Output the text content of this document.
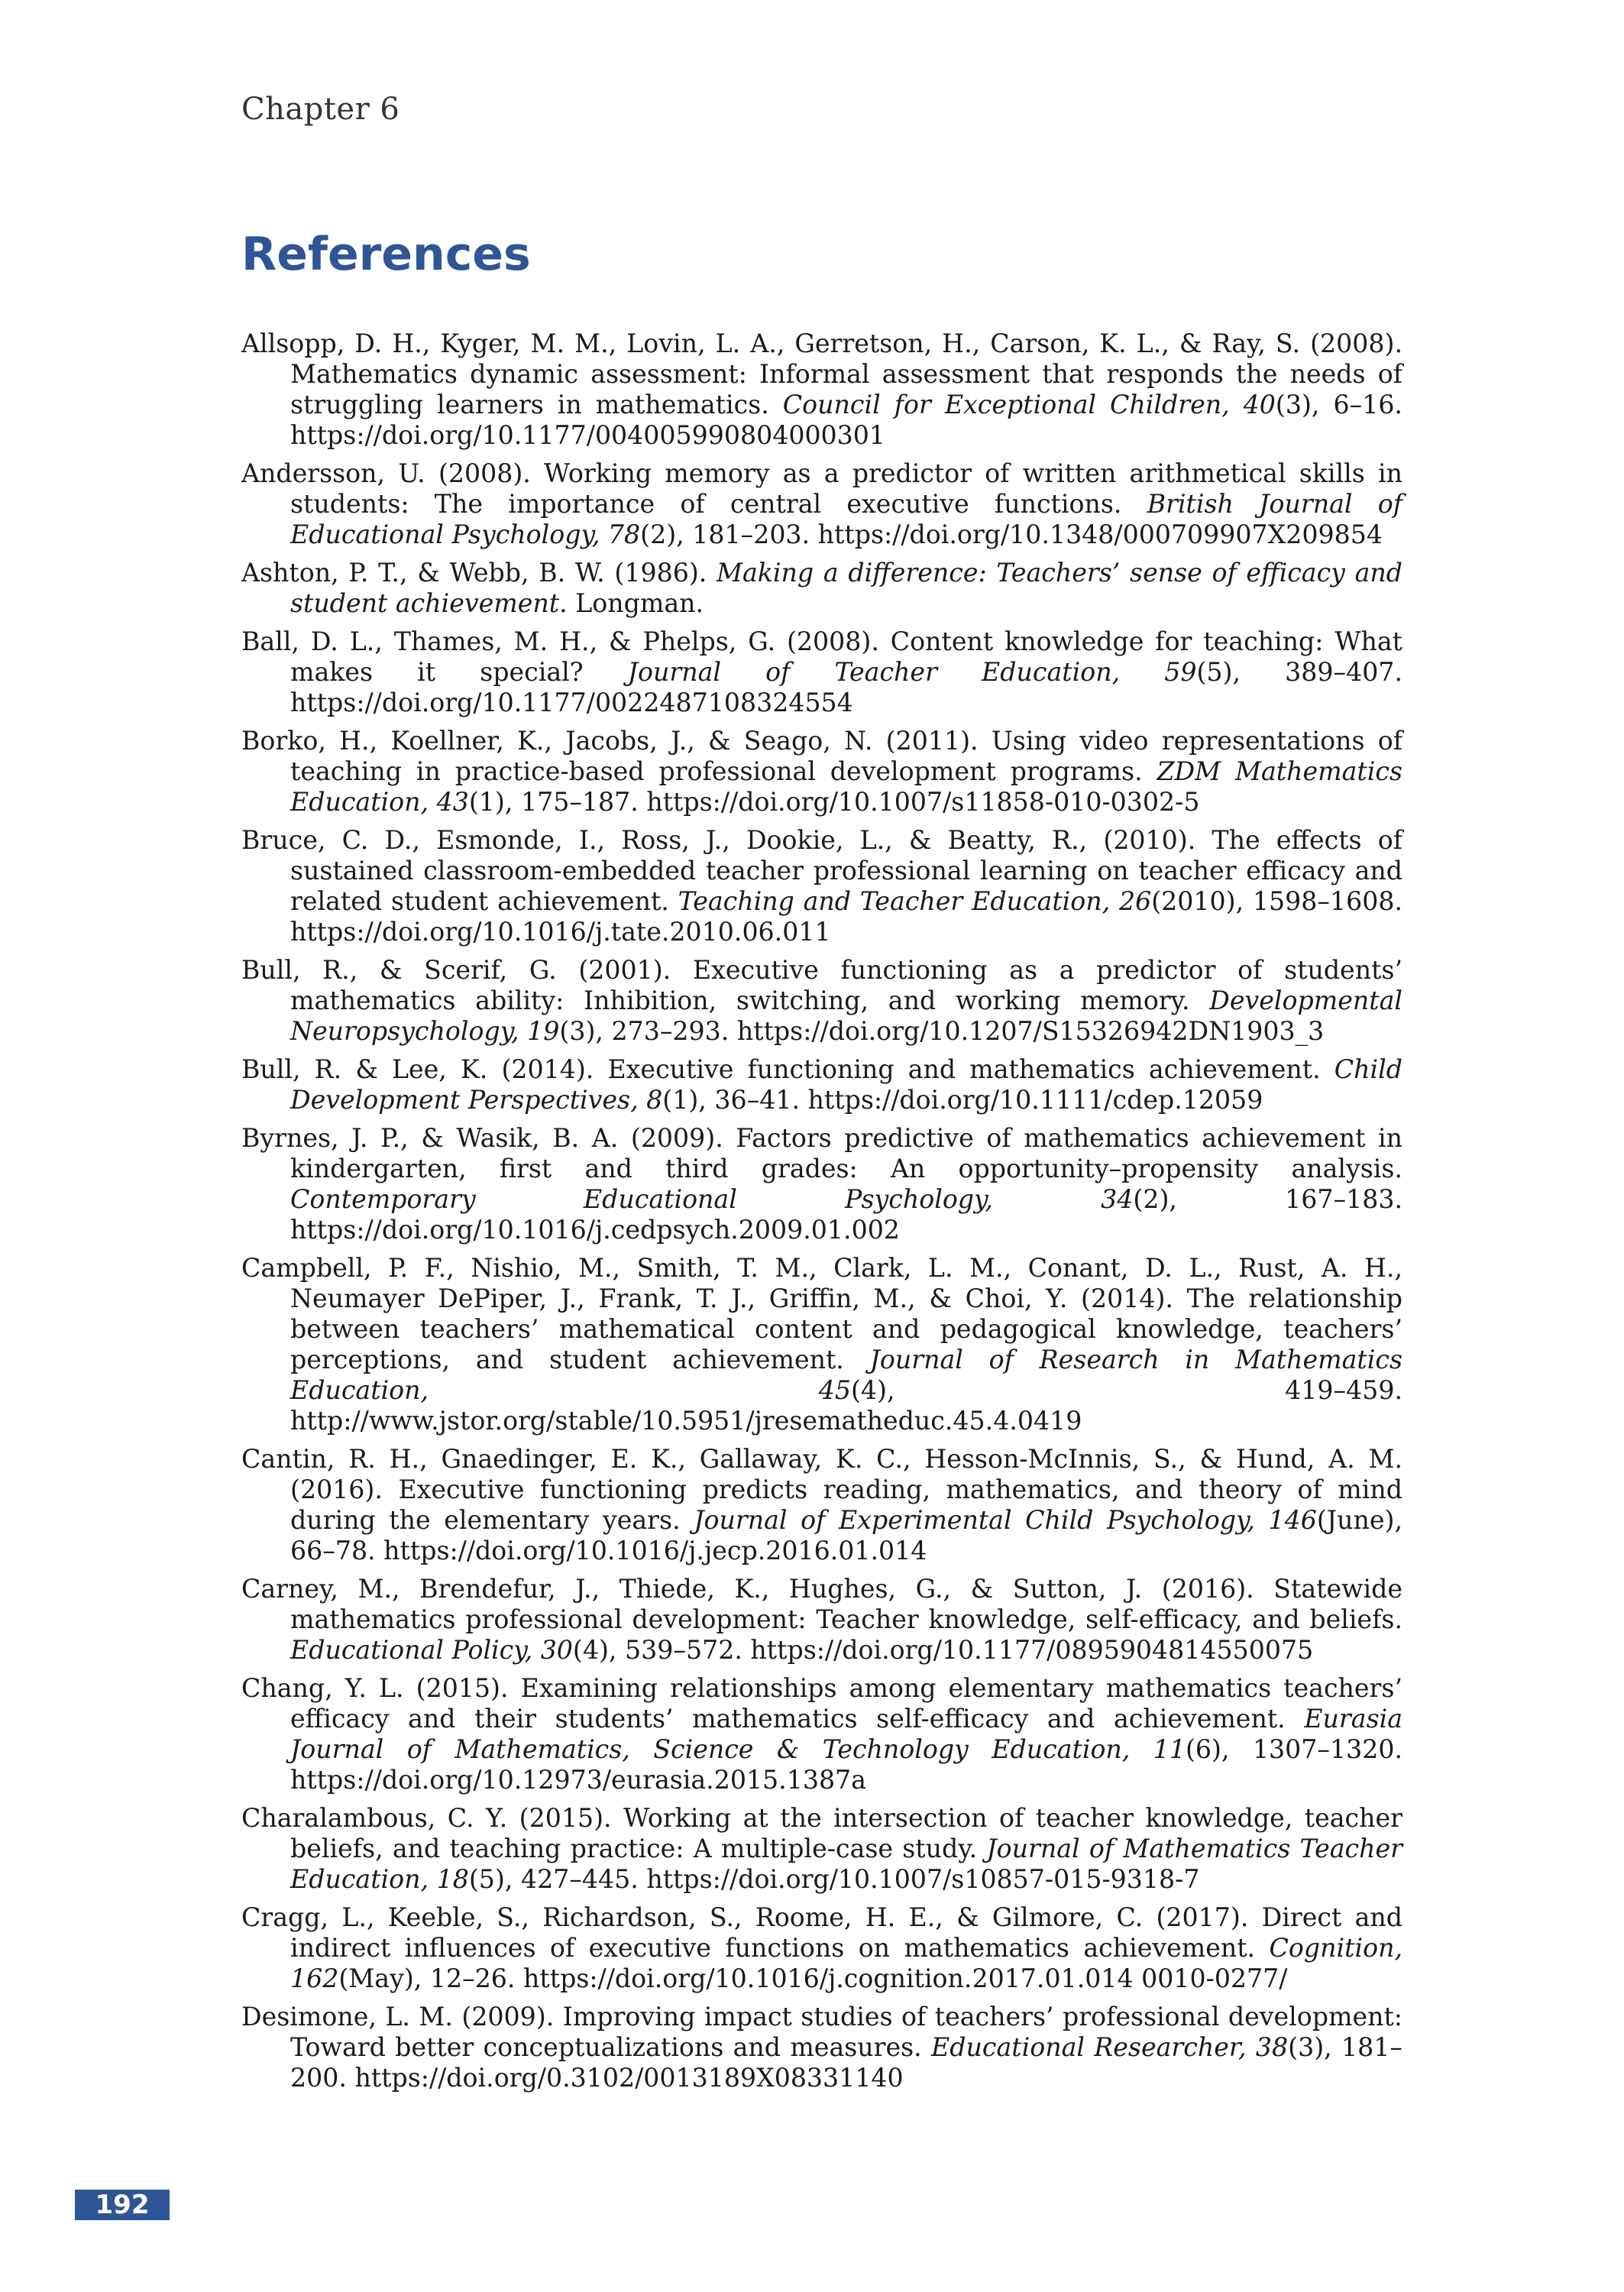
Chapter 6
References

Allsopp, D. H., Kyger, M. M., Lovin, L. A., Gerretson, H., Carson, K. L., & Ray, S. (2008). Mathematics dynamic assessment: Informal assessment that responds the needs of struggling learners in mathematics. Council for Exceptional Children, 40(3), 6–16. https://doi.org/10.1177/004005990804000301

Andersson, U. (2008). Working memory as a predictor of written arithmetical skills in students: The importance of central executive functions. British Journal of Educational Psychology, 78(2), 181–203. https://doi.org/10.1348/000709907X209854

Ashton, P. T., & Webb, B. W. (1986). Making a difference: Teachers’ sense of efficacy and student achievement. Longman.

Ball, D. L., Thames, M. H., & Phelps, G. (2008). Content knowledge for teaching: What makes it special? Journal of Teacher Education, 59(5), 389–407. https://doi.org/10.1177/0022487108324554

Borko, H., Koellner, K., Jacobs, J., & Seago, N. (2011). Using video representations of teaching in practice-based professional development programs. ZDM Mathematics Education, 43(1), 175–187. https://doi.org/10.1007/s11858-010-0302-5

Bruce, C. D., Esmonde, I., Ross, J., Dookie, L., & Beatty, R., (2010). The effects of sustained classroom-embedded teacher professional learning on teacher efficacy and related student achievement. Teaching and Teacher Education, 26(2010), 1598–1608. https://doi.org/10.1016/j.tate.2010.06.011

Bull, R., & Scerif, G. (2001). Executive functioning as a predictor of students’ mathematics ability: Inhibition, switching, and working memory. Developmental Neuropsychology, 19(3), 273–293. https://doi.org/10.1207/S15326942DN1903_3

Bull, R. & Lee, K. (2014). Executive functioning and mathematics achievement. Child Development Perspectives, 8(1), 36–41. https://doi.org/10.1111/cdep.12059

Byrnes, J. P., & Wasik, B. A. (2009). Factors predictive of mathematics achievement in kindergarten, first and third grades: An opportunity–propensity analysis. Contemporary Educational Psychology, 34(2), 167–183. https://doi.org/10.1016/j.cedpsych.2009.01.002

Campbell, P. F., Nishio, M., Smith, T. M., Clark, L. M., Conant, D. L., Rust, A. H., Neumayer DePiper, J., Frank, T. J., Griffin, M., & Choi, Y. (2014). The relationship between teachers’ mathematical content and pedagogical knowledge, teachers’ perceptions, and student achievement. Journal of Research in Mathematics Education, 45(4), 419–459. http://www.jstor.org/stable/10.5951/jresematheduc.45.4.0419

Cantin, R. H., Gnaedinger, E. K., Gallaway, K. C., Hesson-McInnis, S., & Hund, A. M. (2016). Executive functioning predicts reading, mathematics, and theory of mind during the elementary years. Journal of Experimental Child Psychology, 146(June), 66–78. https://doi.org/10.1016/j.jecp.2016.01.014

Carney, M., Brendefur, J., Thiede, K., Hughes, G., & Sutton, J. (2016). Statewide mathematics professional development: Teacher knowledge, self-efficacy, and beliefs. Educational Policy, 30(4), 539–572. https://doi.org/10.1177/0895904814550075

Chang, Y. L. (2015). Examining relationships among elementary mathematics teachers’ efficacy and their students’ mathematics self-efficacy and achievement. Eurasia Journal of Mathematics, Science & Technology Education, 11(6), 1307–1320. https://doi.org/10.12973/eurasia.2015.1387a

Charalambous, C. Y. (2015). Working at the intersection of teacher knowledge, teacher beliefs, and teaching practice: A multiple-case study. Journal of Mathematics Teacher Education, 18(5), 427–445. https://doi.org/10.1007/s10857-015-9318-7

Cragg, L., Keeble, S., Richardson, S., Roome, H. E., & Gilmore, C. (2017). Direct and indirect influences of executive functions on mathematics achievement. Cognition, 162(May), 12–26. https://doi.org/10.1016/j.cognition.2017.01.014 0010-0277/

Desimone, L. M. (2009). Improving impact studies of teachers’ professional development: Toward better conceptualizations and measures. Educational Researcher, 38(3), 181–200. https://doi.org/0.3102/0013189X08331140

192
